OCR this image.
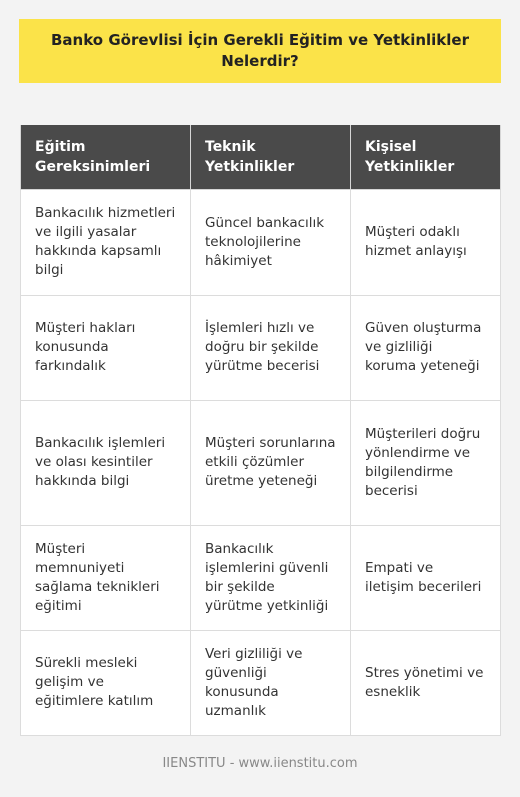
Banko Görevlisi İçin Gerekli Eğitim ve Yetkinlikler Nelerdir?
Eğitim Gereksinimleri	Teknik Yetkinlikler	Kişisel Yetkinlikler
Bankacılık hizmetleri ve ilgili yasalar hakkında kapsamlı bilgi	Güncel bankacılık teknolojilerine hâkimiyet	Müşteri odaklı hizmet anlayışı
Müşteri hakları konusunda farkındalık	İşlemleri hızlı ve doğru bir şekilde yürütme becerisi	Güven oluşturma ve gizliliği koruma yeteneği
Bankacılık işlemleri ve olası kesintiler hakkında bilgi	Müşteri sorunlarına etkili çözümler üretme yeteneği	Müşterileri doğru yönlendirme ve bilgilendirme becerisi
Müşteri memnuniyeti sağlama teknikleri eğitimi	Bankacılık işlemlerini güvenli bir şekilde yürütme yetkinliği	Empati ve iletişim becerileri
Sürekli mesleki gelişim ve eğitimlere katılım	Veri gizliliği ve güvenliği konusunda uzmanlık	Stres yönetimi ve esneklik
IIENSTITU - www.iienstitu.com
